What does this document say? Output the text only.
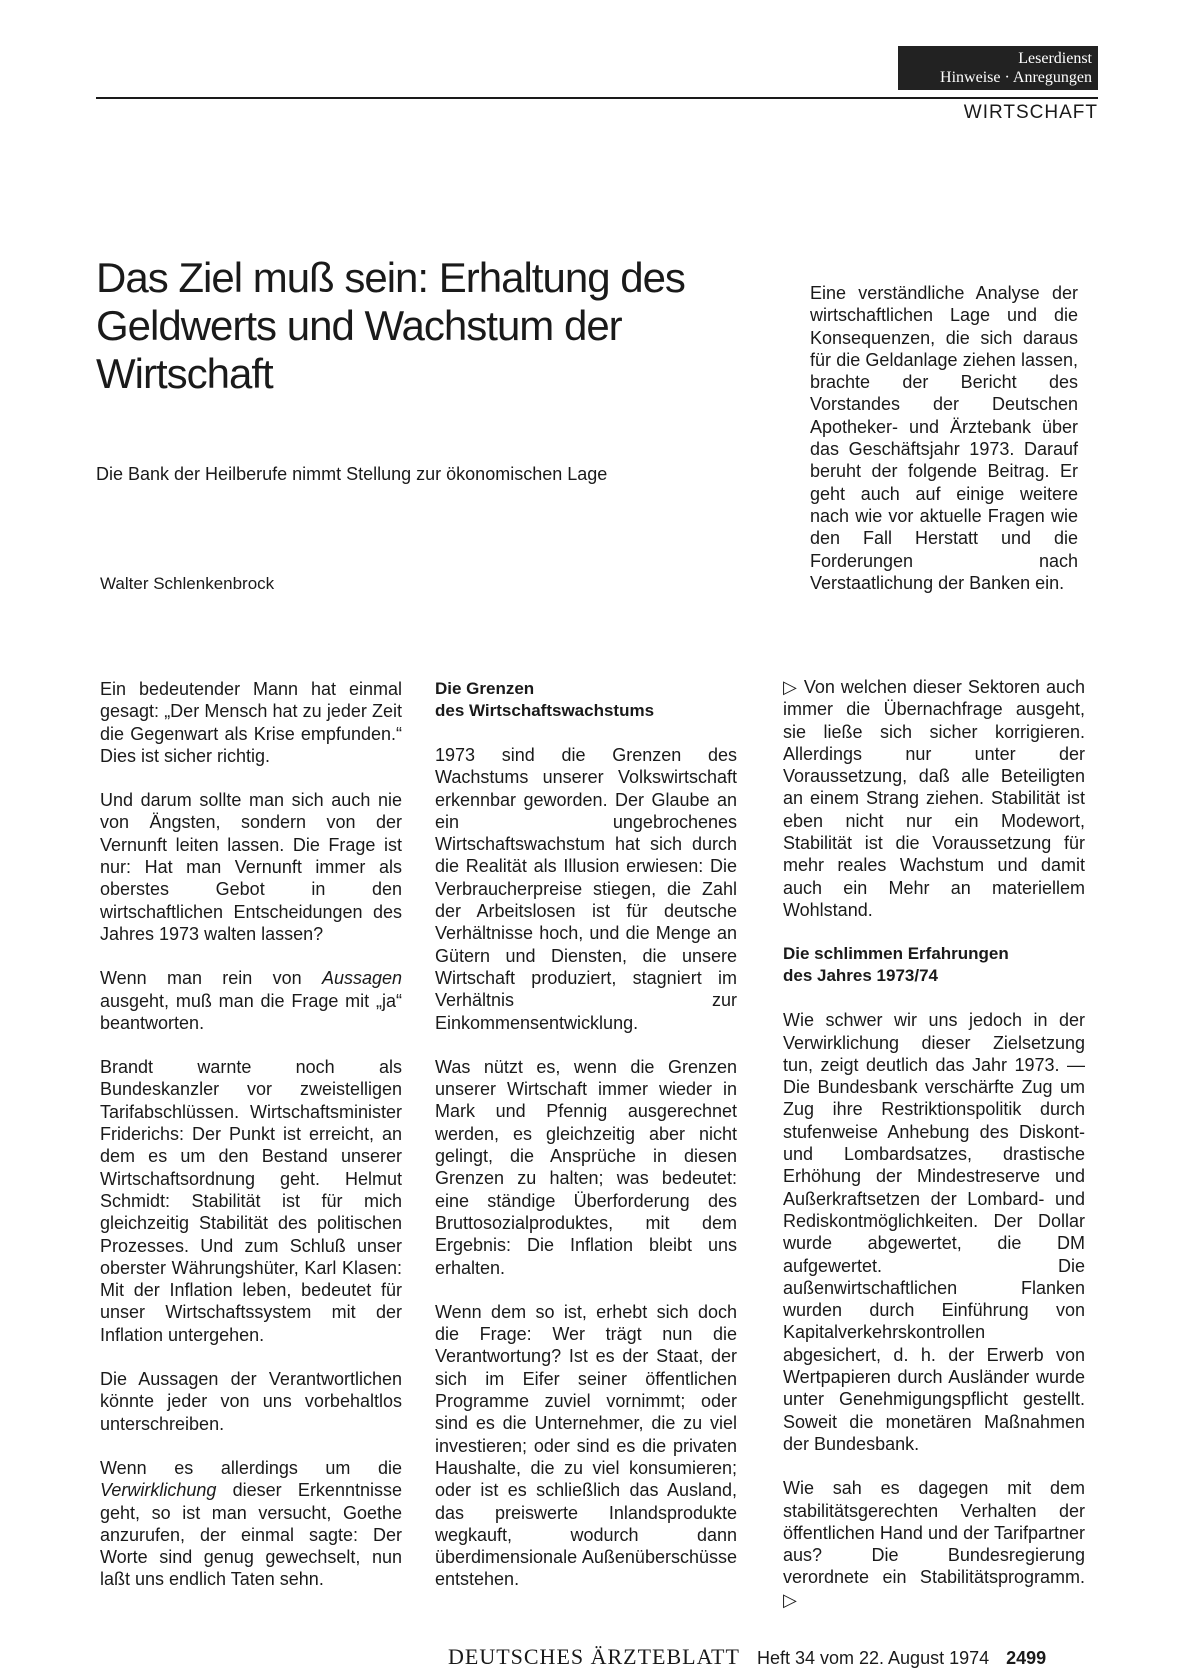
Leserdienst
Hinweise · Anregungen
WIRTSCHAFT
Das Ziel muß sein: Erhaltung des Geldwerts und Wachstum der Wirtschaft
Die Bank der Heilberufe nimmt Stellung zur ökonomischen Lage
Walter Schlenkenbrock
Eine verständliche Analyse der wirtschaftlichen Lage und die Konsequenzen, die sich daraus für die Geldanlage ziehen lassen, brachte der Bericht des Vorstandes der Deutschen Apotheker- und Ärztebank über das Geschäftsjahr 1973. Darauf beruht der folgende Beitrag. Er geht auch auf einige weitere nach wie vor aktuelle Fragen wie den Fall Herstatt und die Forderungen nach Verstaatlichung der Banken ein.

Ein bedeutender Mann hat einmal gesagt: „Der Mensch hat zu jeder Zeit die Gegenwart als Krise empfunden.“ Dies ist sicher richtig.

Und darum sollte man sich auch nie von Ängsten, sondern von der Vernunft leiten lassen. Die Frage ist nur: Hat man Vernunft immer als oberstes Gebot in den wirtschaftlichen Entscheidungen des Jahres 1973 walten lassen?

Wenn man rein von Aussagen ausgeht, muß man die Frage mit „ja“ beantworten.

Brandt warnte noch als Bundeskanzler vor zweistelligen Tarifabschlüssen. Wirtschaftsminister Friderichs: Der Punkt ist erreicht, an dem es um den Bestand unserer Wirtschaftsordnung geht. Helmut Schmidt: Stabilität ist für mich gleichzeitig Stabilität des politischen Prozesses. Und zum Schluß unser oberster Währungshüter, Karl Klasen: Mit der Inflation leben, bedeutet für unser Wirtschaftssystem mit der Inflation untergehen.

Die Aussagen der Verantwortlichen könnte jeder von uns vorbehaltlos unterschreiben.

Wenn es allerdings um die Verwirklichung dieser Erkenntnisse geht, so ist man versucht, Goethe anzurufen, der einmal sagte: Der Worte sind genug gewechselt, nun laßt uns endlich Taten sehn.

Die Grenzen
des Wirtschaftswachstums

1973 sind die Grenzen des Wachstums unserer Volkswirtschaft erkennbar geworden. Der Glaube an ein ungebrochenes Wirtschaftswachstum hat sich durch die Realität als Illusion erwiesen: Die Verbraucherpreise stiegen, die Zahl der Arbeitslosen ist für deutsche Verhältnisse hoch, und die Menge an Gütern und Diensten, die unsere Wirtschaft produziert, stagniert im Verhältnis zur Einkommensentwicklung.

Was nützt es, wenn die Grenzen unserer Wirtschaft immer wieder in Mark und Pfennig ausgerechnet werden, es gleichzeitig aber nicht gelingt, die Ansprüche in diesen Grenzen zu halten; was bedeutet: eine ständige Überforderung des Bruttosozialproduktes, mit dem Ergebnis: Die Inflation bleibt uns erhalten.

Wenn dem so ist, erhebt sich doch die Frage: Wer trägt nun die Verantwortung? Ist es der Staat, der sich im Eifer seiner öffentlichen Programme zuviel vornimmt; oder sind es die Unternehmer, die zu viel investieren; oder sind es die privaten Haushalte, die zu viel konsumieren; oder ist es schließlich das Ausland, das preiswerte Inlandsprodukte wegkauft, wodurch dann überdimensionale Außenüberschüsse entstehen.

▷ Von welchen dieser Sektoren auch immer die Übernachfrage ausgeht, sie ließe sich sicher korrigieren. Allerdings nur unter der Voraussetzung, daß alle Beteiligten an einem Strang ziehen. Stabilität ist eben nicht nur ein Modewort, Stabilität ist die Voraussetzung für mehr reales Wachstum und damit auch ein Mehr an materiellem Wohlstand.

Die schlimmen Erfahrungen
des Jahres 1973/74

Wie schwer wir uns jedoch in der Verwirklichung dieser Zielsetzung tun, zeigt deutlich das Jahr 1973. — Die Bundesbank verschärfte Zug um Zug ihre Restriktionspolitik durch stufenweise Anhebung des Diskont- und Lombardsatzes, drastische Erhöhung der Mindestreserve und Außerkraftsetzen der Lombard- und Rediskontmöglichkeiten. Der Dollar wurde abgewertet, die DM aufgewertet. Die außenwirtschaftlichen Flanken wurden durch Einführung von Kapitalverkehrskontrollen abgesichert, d. h. der Erwerb von Wertpapieren durch Ausländer wurde unter Genehmigungspflicht gestellt. Soweit die monetären Maßnahmen der Bundesbank.

Wie sah es dagegen mit dem stabilitätsgerechten Verhalten der öffentlichen Hand und der Tarifpartner aus? Die Bundesregierung verordnete ein Stabilitätsprogramm. ▷

DEUTSCHES ÄRZTEBLATT Heft 34 vom 22. August 1974 2499
